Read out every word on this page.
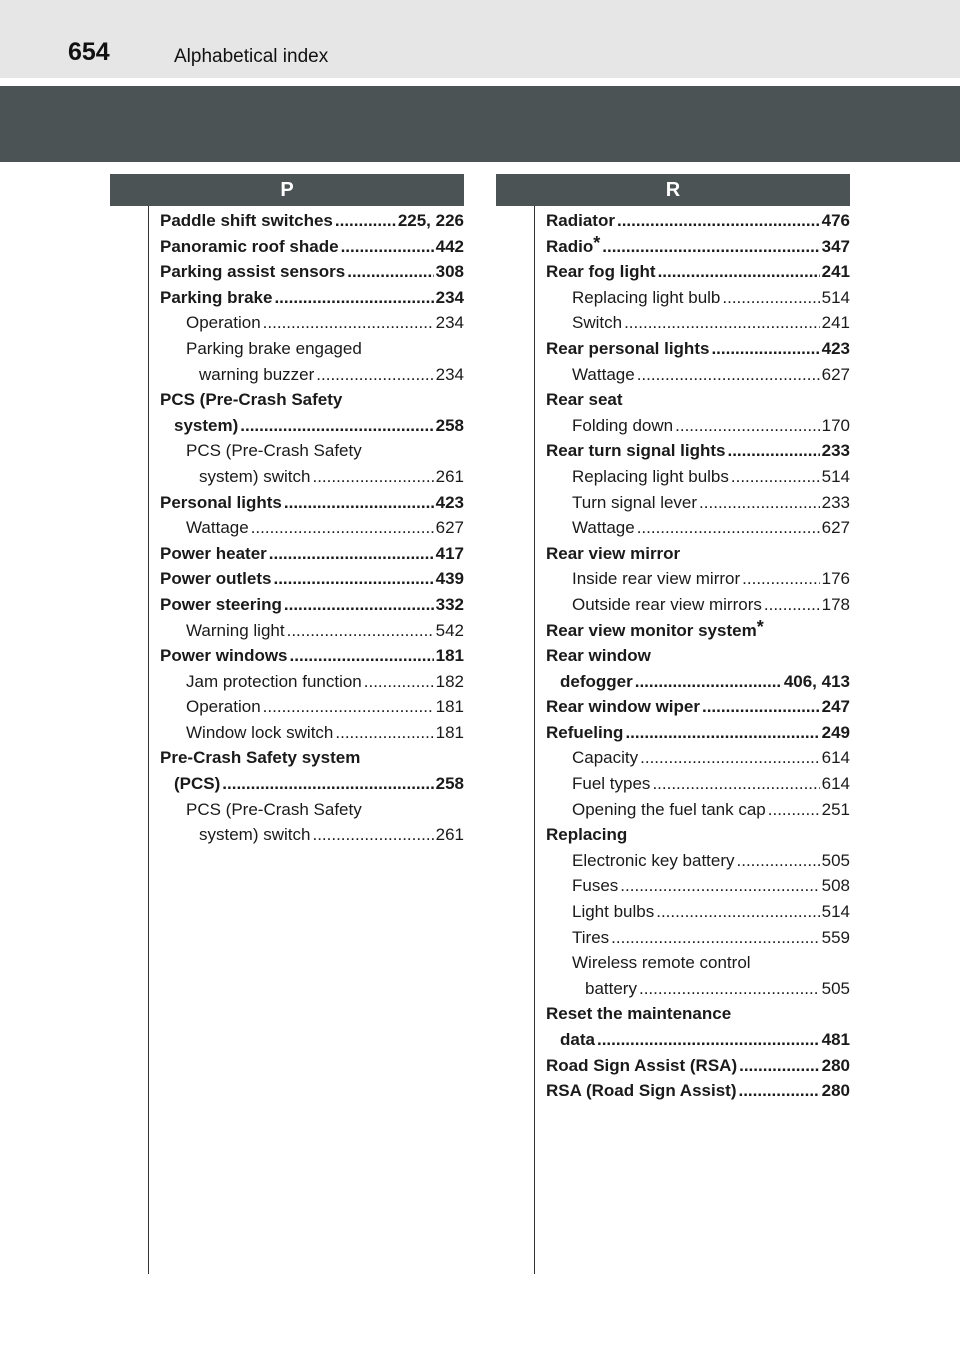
654	Alphabetical index
P	R
Paddle shift switches .....	225, 226
Panoramic roof shade .....	442
Parking assist sensors .....	308
Parking brake .....	234
Operation .....	234
Parking brake engaged
warning buzzer .....	234
PCS (Pre-Crash Safety
system) .....	258
PCS (Pre-Crash Safety
system) switch .....	261
Personal lights .....	423
Wattage .....	627
Power heater .....	417
Power outlets .....	439
Power steering .....	332
Warning light .....	542
Power windows .....	181
Jam protection function .....	182
Operation .....	181
Window lock switch .....	181
Pre-Crash Safety system
(PCS) .....	258
PCS (Pre-Crash Safety
system) switch .....	261
Radiator .....	476
Radio* .....	347
Rear fog light .....	241
Replacing light bulb .....	514
Switch .....	241
Rear personal lights .....	423
Wattage .....	627
Rear seat
Folding down .....	170
Rear turn signal lights .....	233
Replacing light bulbs .....	514
Turn signal lever .....	233
Wattage .....	627
Rear view mirror
Inside rear view mirror .....	176
Outside rear view mirrors .....	178
Rear view monitor system*
Rear window
defogger .....	406, 413
Rear window wiper .....	247
Refueling .....	249
Capacity .....	614
Fuel types .....	614
Opening the fuel tank cap .....	251
Replacing
Electronic key battery .....	505
Fuses .....	508
Light bulbs .....	514
Tires .....	559
Wireless remote control
battery .....	505
Reset the maintenance
data .....	481
Road Sign Assist (RSA) .....	280
RSA (Road Sign Assist) .....	280
